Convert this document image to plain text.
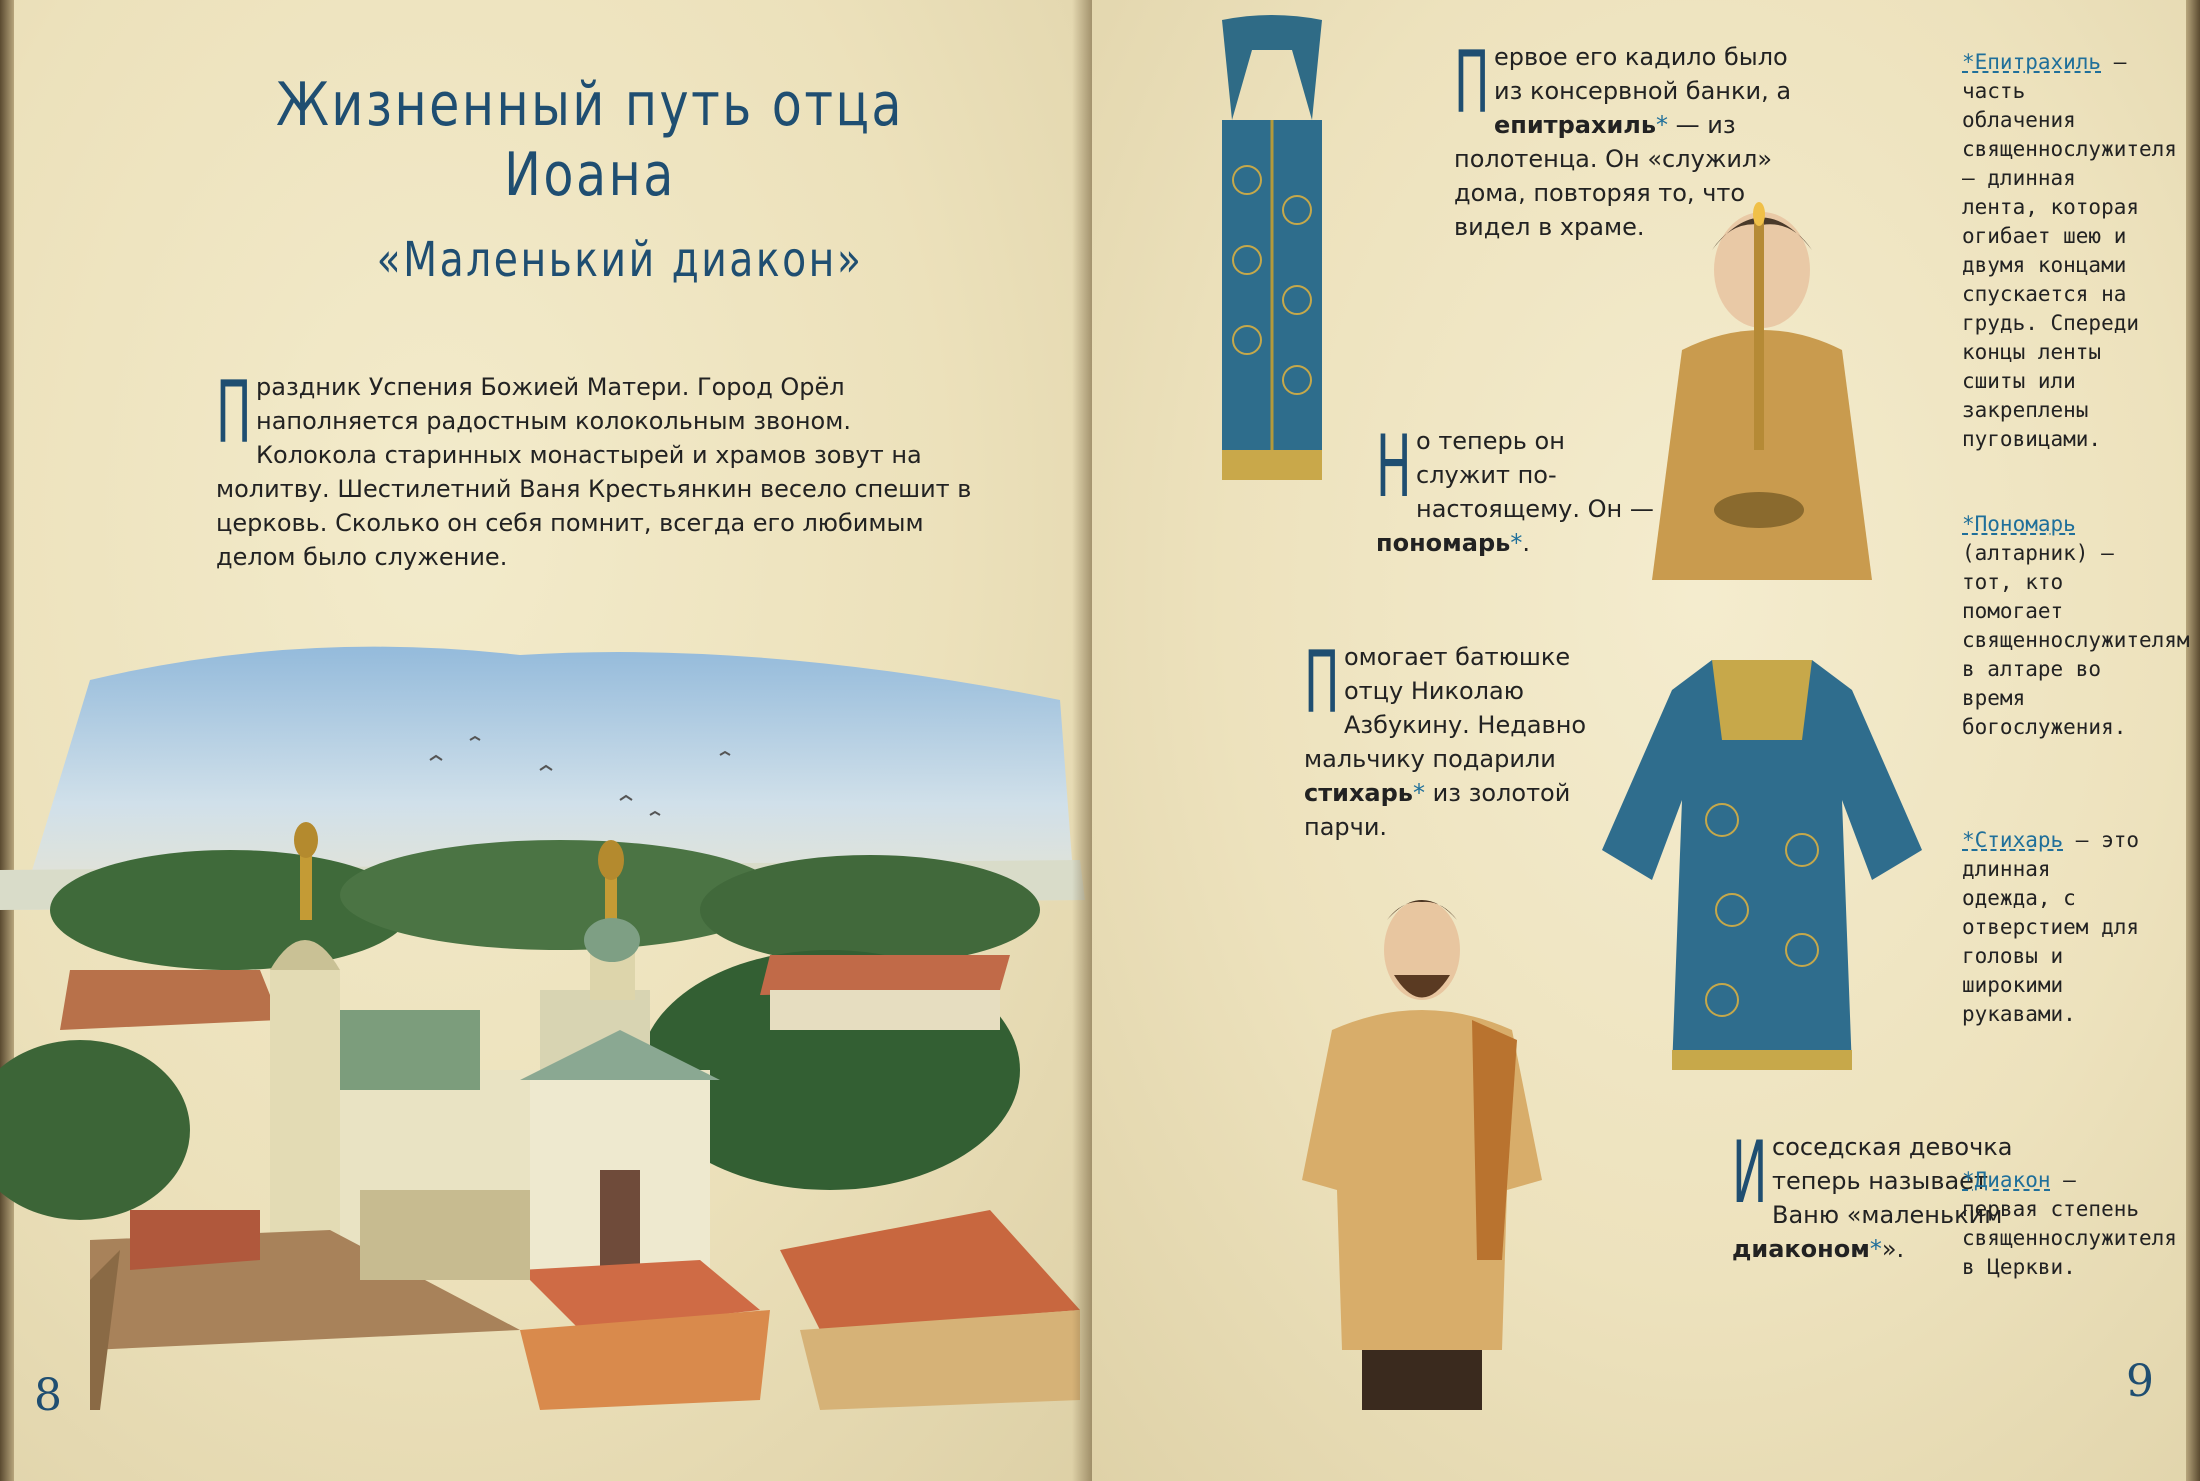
Жизненный путь отца Иоана
«Маленький диакон»
Праздник Успения Божией Матери. Город Орёл наполняется радостным колокольным звоном. Колокола старинных монастырей и храмов зовут на молитву. Шестилетний Ваня Крестьянкин весело спешит в церковь. Сколько он себя помнит, всегда его любимым делом было служение.
8
Первое его кадило было из консервной банки, а епитрахиль* — из полотенца. Он «служил» дома, повторяя то, что видел в храме.
Но теперь он служит по-настоящему. Он — пономарь*.
Помогает батюшке отцу Николаю Азбукину. Недавно мальчику подарили стихарь* из золотой парчи.
И соседская девочка теперь называет Ваню «маленьким диаконом*».
*Епитрахиль — часть облачения священнослужителя — длинная лента, которая огибает шею и двумя концами спускается на грудь. Спереди концы ленты сшиты или закреплены пуговицами.
*Пономарь (алтарник) — тот, кто помогает священнослужителям в алтаре во время богослужения.
*Стихарь — это длинная одежда, с отверстием для головы и широкими рукавами.
*Диакон — первая степень священнослужителя в Церкви.
9
